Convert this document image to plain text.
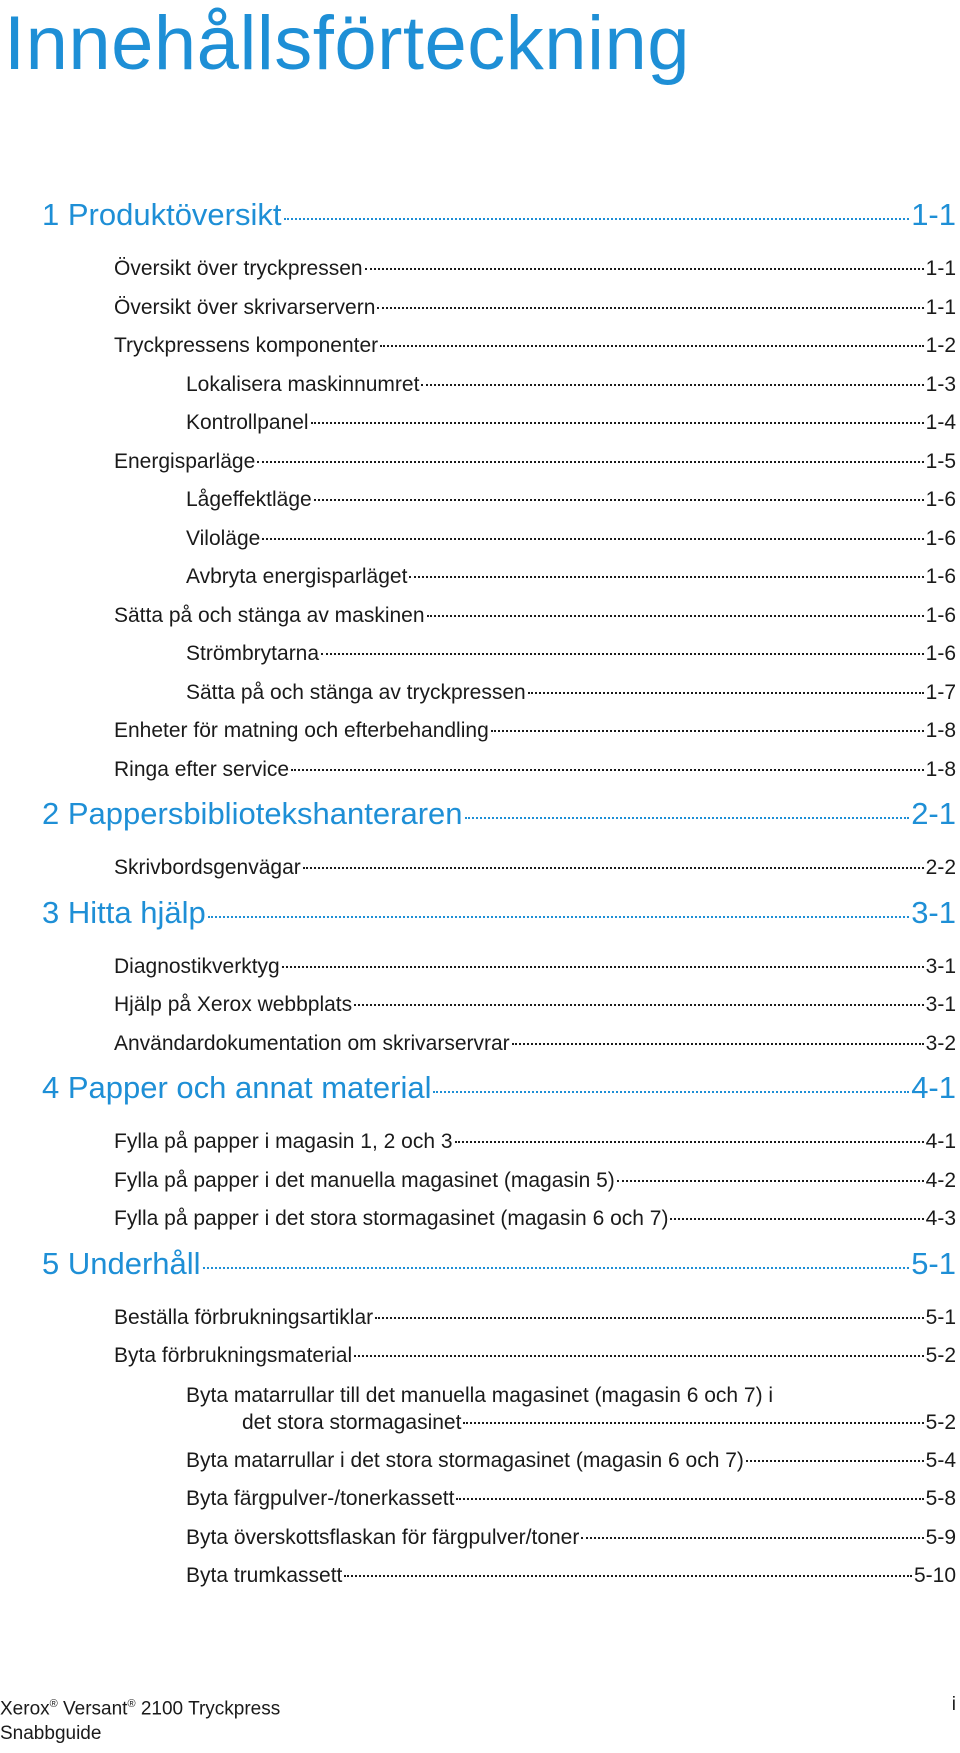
Innehållsförteckning
1 Produktöversikt	1-1
Översikt över tryckpressen	1-1
Översikt över skrivarservern	1-1
Tryckpressens komponenter	1-2
Lokalisera maskinnumret	1-3
Kontrollpanel	1-4
Energisparläge	1-5
Lågeffektläge	1-6
Viloläge	1-6
Avbryta energisparläget	1-6
Sätta på och stänga av maskinen	1-6
Strömbrytarna	1-6
Sätta på och stänga av tryckpressen	1-7
Enheter för matning och efterbehandling	1-8
Ringa efter service	1-8
2 Pappersbibliotekshanteraren	2-1
Skrivbordsgenvägar	2-2
3 Hitta hjälp	3-1
Diagnostikverktyg	3-1
Hjälp på Xerox webbplats	3-1
Användardokumentation om skrivarservrar	3-2
4 Papper och annat material	4-1
Fylla på papper i magasin 1, 2 och 3	4-1
Fylla på papper i det manuella magasinet (magasin 5)	4-2
Fylla på papper i det stora stormagasinet (magasin 6 och 7)	4-3
5 Underhåll	5-1
Beställa förbrukningsartiklar	5-1
Byta förbrukningsmaterial	5-2
Byta matarrullar till det manuella magasinet (magasin 6 och 7) i
det stora stormagasinet	5-2
Byta matarrullar i det stora stormagasinet (magasin 6 och 7)	5-4
Byta färgpulver-/tonerkassett	5-8
Byta överskottsflaskan för färgpulver/toner	5-9
Byta trumkassett	5-10
Xerox® Versant® 2100 Tryckpress
Snabbguide
i
